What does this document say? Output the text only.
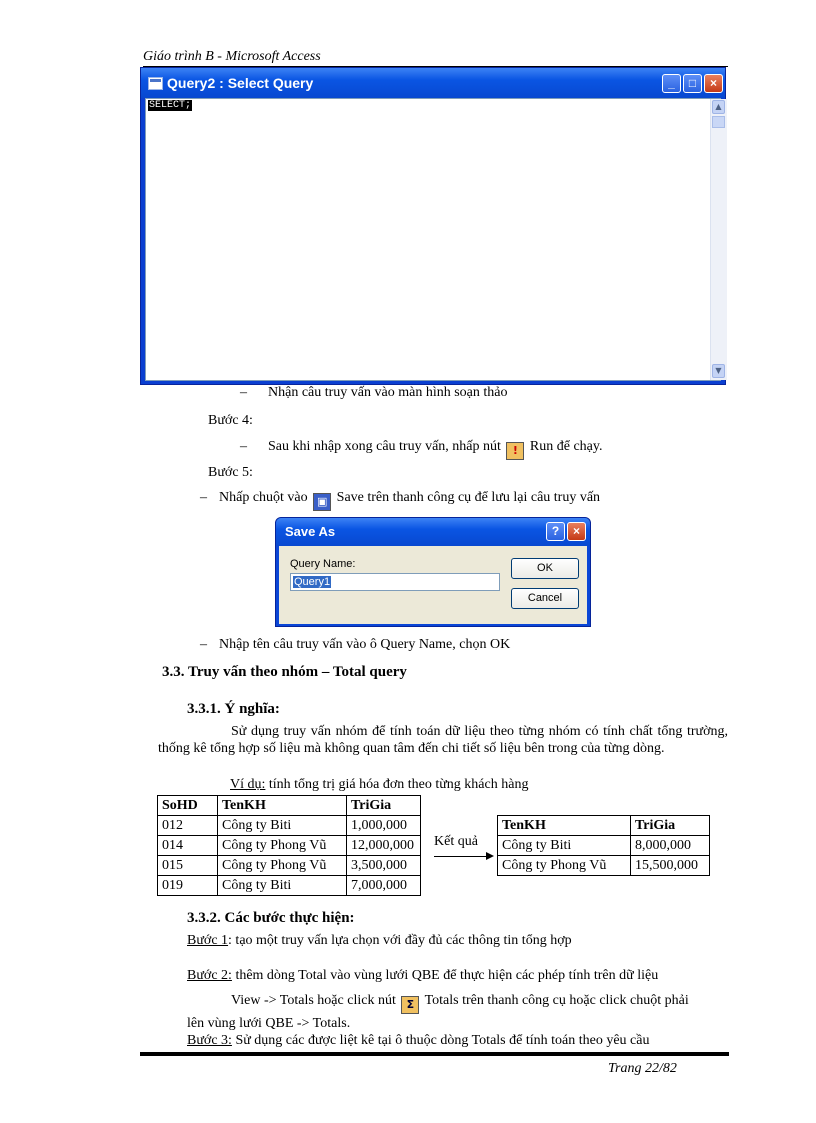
Giáo trình B - Microsoft Access
Query2 : Select Query	_	□	×
SELECT;	▲
▼
– Nhận câu truy vấn vào màn hình soạn thảo
Bước 4:
– Sau khi nhập xong câu truy vấn, nhấp nút ! Run để chạy.
Bước 5:
– Nhấp chuột vào ▣ Save trên thanh công cụ để lưu lại câu truy vấn
Save As	?	×
Query Name:
Query1
OK
Cancel
– Nhập tên câu truy vấn vào ô Query Name, chọn OK
3.3. Truy vấn theo nhóm – Total query
3.3.1. Ý nghĩa:
Sử dụng truy vấn nhóm để tính toán dữ liệu theo từng nhóm có tính chất tổng trường, thống kê tổng hợp số liệu mà không quan tâm đến chi tiết số liệu bên trong của từng dòng.
Ví dụ: tính tổng trị giá hóa đơn theo từng khách hàng
SoHD	TenKH	TriGia
012	Công ty Biti	1,000,000
014	Công ty Phong Vũ	12,000,000
015	Công ty Phong Vũ	3,500,000
019	Công ty Biti	7,000,000
Kết quả
TenKH	TriGia
Công ty Biti	8,000,000
Công ty Phong Vũ	15,500,000
3.3.2. Các bước thực hiện:
Bước 1: tạo một truy vấn lựa chọn với đầy đủ các thông tin tổng hợp
Bước 2: thêm dòng Total vào vùng lưới QBE để thực hiện các phép tính trên dữ liệu
View -> Totals hoặc click nút Σ Totals trên thanh công cụ hoặc click chuột phải
lên vùng lưới QBE -> Totals.
Bước 3: Sử dụng các được liệt kê tại ô thuộc dòng Totals để tính toán theo yêu cầu
Trang 22/82
